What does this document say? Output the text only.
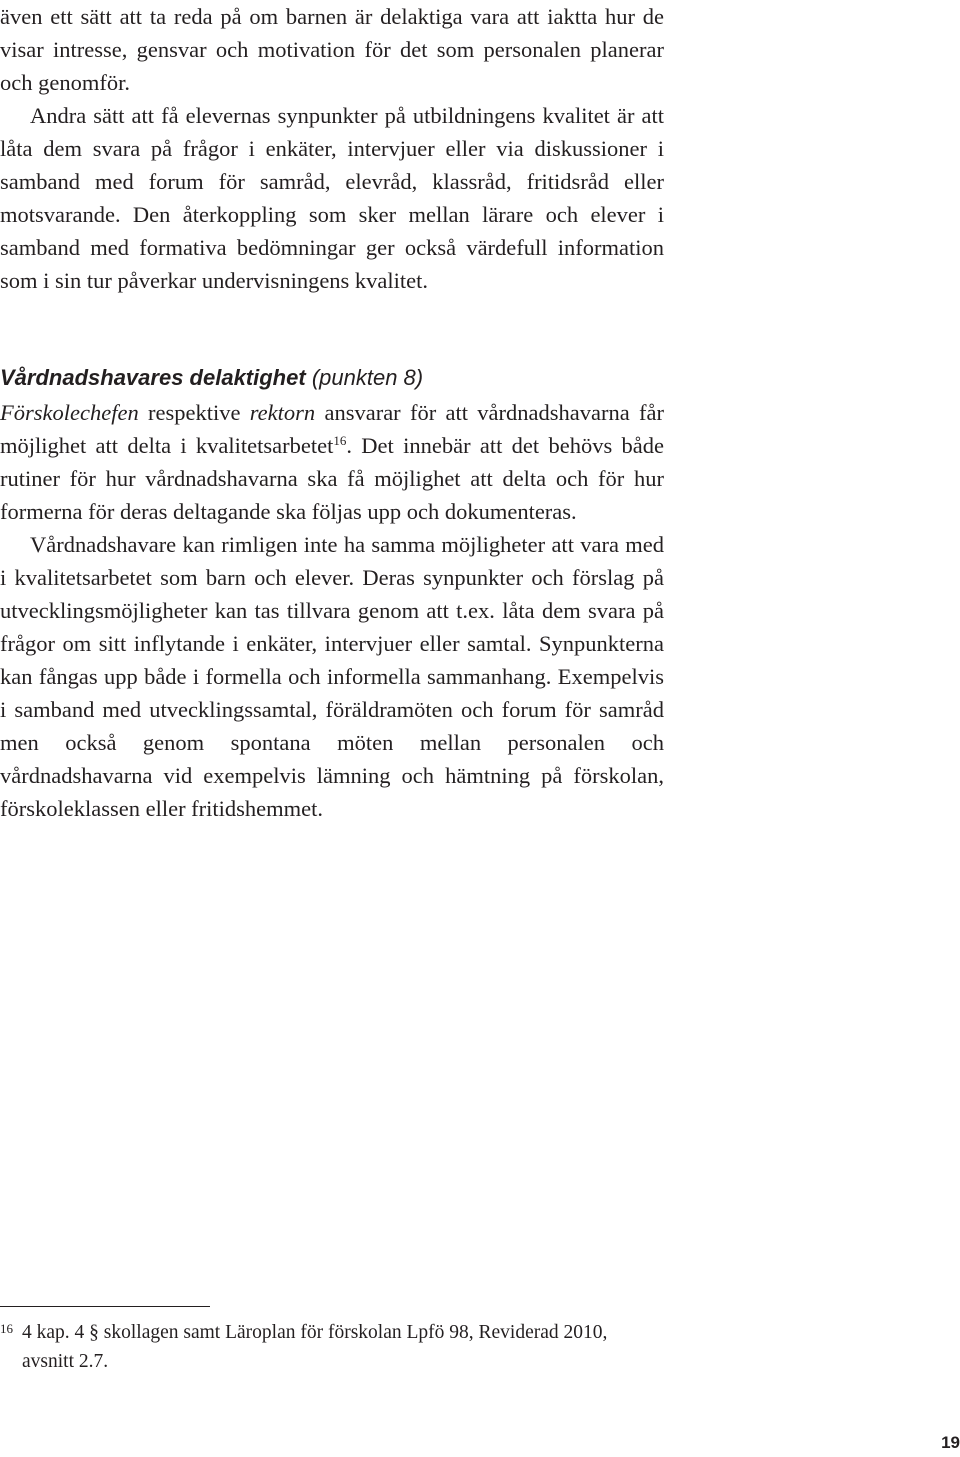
även ett sätt att ta reda på om barnen är delaktiga vara att iaktta hur de visar intresse, gensvar och motivation för det som personalen planerar och genomför.

Andra sätt att få elevernas synpunkter på utbildningens kvalitet är att låta dem svara på frågor i enkäter, intervjuer eller via diskussioner i samband med forum för samråd, elevråd, klassråd, fritidsråd eller motsvarande. Den återkoppling som sker mellan lärare och elever i samband med formativa bedömningar ger också värdefull information som i sin tur påverkar undervisningens kvalitet.

Vårdnadshavares delaktighet (punkten 8)

Förskolechefen respektive rektorn ansvarar för att vårdnadshavarna får möjlighet att delta i kvalitetsarbetet$^{16}$. Det innebär att det behövs både rutiner för hur vårdnadshavarna ska få möjlighet att delta och för hur formerna för deras deltagande ska följas upp och dokumenteras.

Vårdnadshavare kan rimligen inte ha samma möjligheter att vara med i kvalitetsarbetet som barn och elever. Deras synpunkter och förslag på utvecklingsmöjligheter kan tas tillvara genom att t.ex. låta dem svara på frågor om sitt inflytande i enkäter, intervjuer eller samtal. Synpunkterna kan fångas upp både i formella och informella sammanhang. Exempelvis i samband med utvecklingssamtal, föräldramöten och forum för samråd men också genom spontana möten mellan personalen och vårdnadshavarna vid exempelvis lämning och hämtning på förskolan, förskoleklassen eller fritidshemmet.

16 4 kap. 4 § skollagen samt Läroplan för förskolan Lpfö 98, Reviderad 2010, avsnitt 2.7.
19
